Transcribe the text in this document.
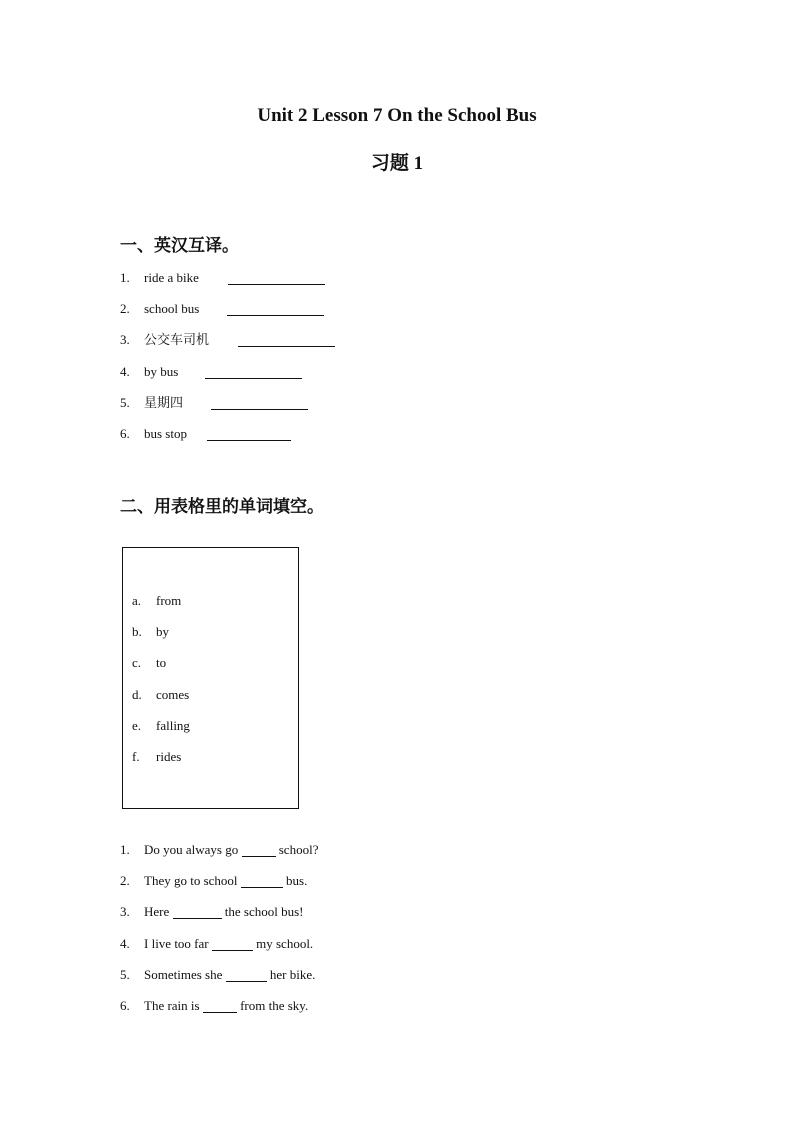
Unit 2 Lesson 7 On the School Bus
习题 1
一、英汉互译。
1. ride a bike
2. school bus
3. 公交车司机
4. by bus
5. 星期四
6. bus stop
二、用表格里的单词填空。
a. from
b. by
c. to
d. comes
e. falling
f. rides
1. Do you always go	school?
2. They go to school	bus.
3. Here	the school bus!
4. I live too far	my school.
5. Sometimes she	her bike.
6. The rain is	from the sky.
